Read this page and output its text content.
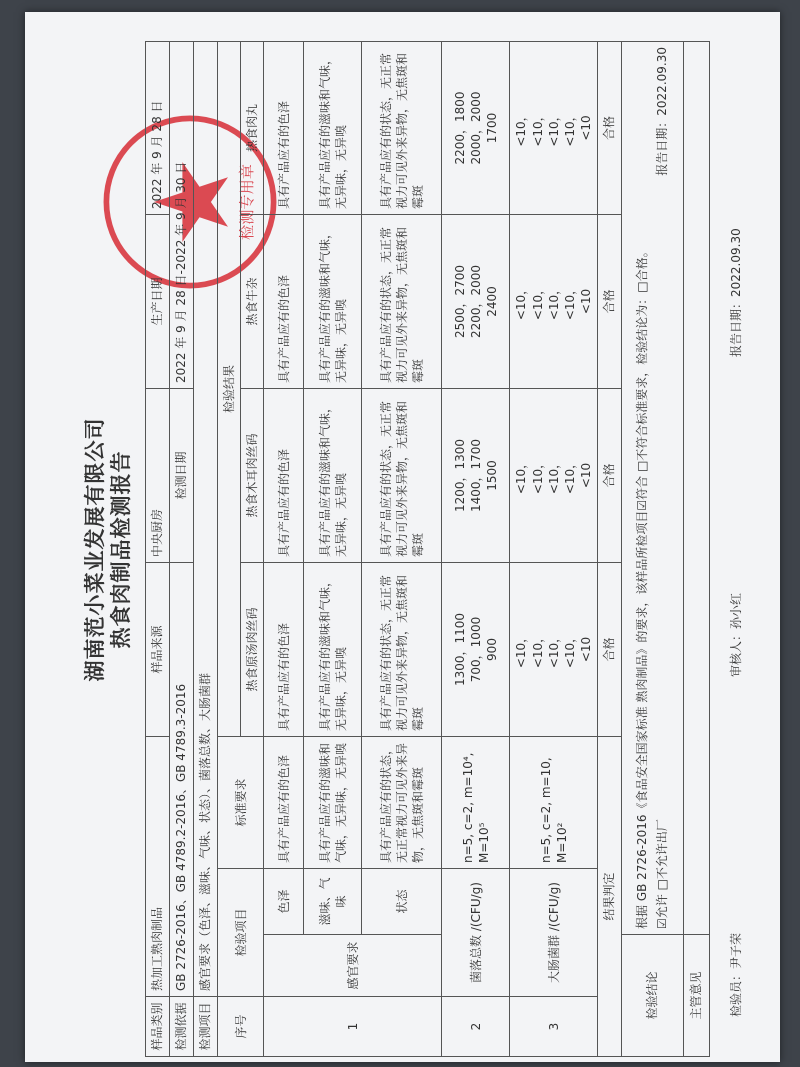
湖南范小菜业发展有限公司 热食肉制品检测报告
检测专用章
样品类别	热加工熟肉制品			样品来源	中央厨房	生产日期	2022 年 9 月 28 日
检测依据	GB 2726-2016、GB 4789.2-2016、GB 4789.3-2016				检测日期	2022 年 9 月 28 日-2022 年 9 月 30 日	
检测项目	感官要求（色泽、滋味、气味、状态）、菌落总数、大肠菌群						
序号	检验项目		标准要求	检验结果			
				热食原汤肉丝码	热食木耳肉丝码	热食牛杂	热食肉丸
1	感官要求	色泽	具有产品应有的色泽	具有产品应有的色泽	具有产品应有的色泽	具有产品应有的色泽	具有产品应有的色泽
		滋味、气味	具有产品应有的滋味和气味，无异味，无异嗅	具有产品应有的滋味和气味，无异味，无异嗅	具有产品应有的滋味和气味，无异味，无异嗅	具有产品应有的滋味和气味，无异味，无异嗅	具有产品应有的滋味和气味，无异味，无异嗅
		状态	具有产品应有的状态，无正常视力可见外来异物，无焦斑和霉斑	具有产品应有的状态，无正常视力可见外来异物，无焦斑和霉斑	具有产品应有的状态，无正常视力可见外来异物，无焦斑和霉斑	具有产品应有的状态，无正常视力可见外来异物，无焦斑和霉斑	具有产品应有的状态，无正常视力可见外来异物，无焦斑和霉斑
2	菌落总数 /(CFU/g)		n=5, c=2, m=10⁴, M=10⁵	1300，1100
700，1000
900	1200，1300
1400，1700
1500	2500，2700
2200，2000
2400	2200，1800
2000，2000
1700
3	大肠菌群 /(CFU/g)		n=5, c=2, m=10, M=10²	<10，
<10，
<10，
<10，
<10	<10，
<10，
<10，
<10，
<10	<10，
<10，
<10，
<10，
<10	<10，
<10，
<10，
<10，
<10
结果判定				合格	合格	合格	合格
检验结论		根据 GB 2726-2016《食品安全国家标准 熟肉制品》的要求，该样品所检项目☑符合 □不符合标准要求，检验结论为：□合格。 ☑允许 □不允许出厂
报告日期：2022.09.30					

主管意见							检验员：尹子荣
审核人：孙小红
报告日期：2022.09.30
